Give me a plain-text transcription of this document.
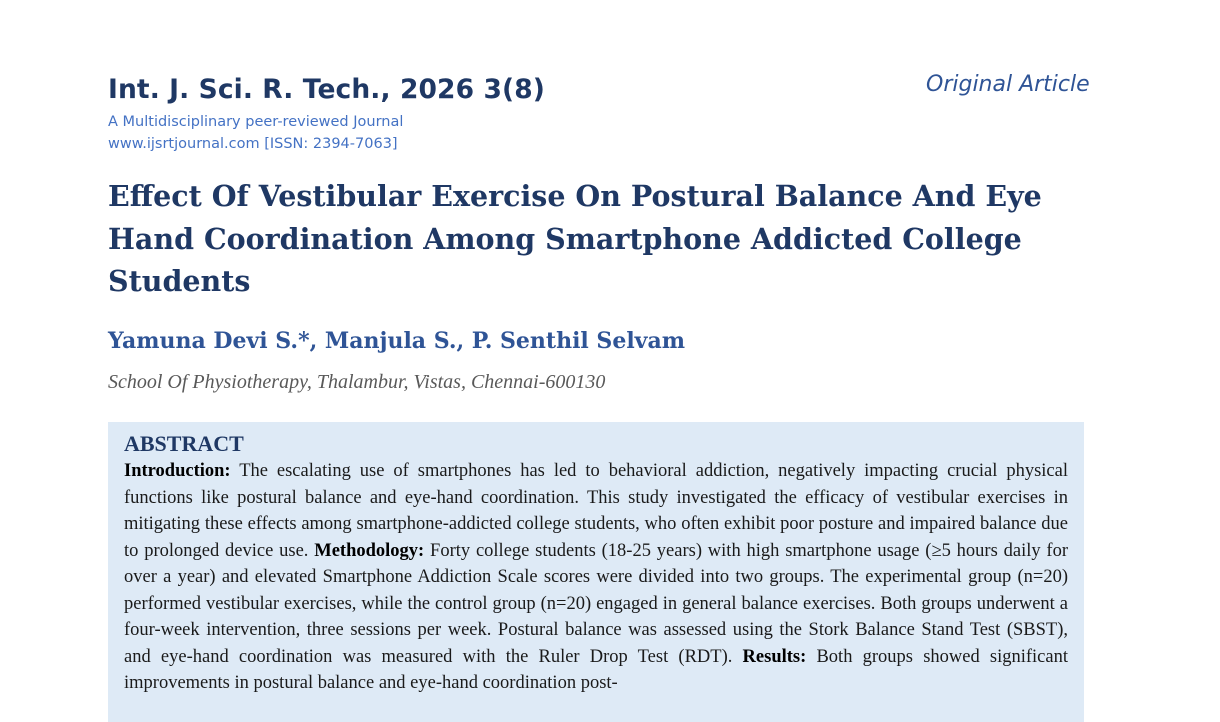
Int. J. Sci. R. Tech., 2026 3(8)	Original Article
A Multidisciplinary peer-reviewed Journal
www.ijsrtjournal.com [ISSN: 2394-7063]
Effect Of Vestibular Exercise On Postural Balance And Eye Hand Coordination Among Smartphone Addicted College Students
Yamuna Devi S.*, Manjula S., P. Senthil Selvam
School Of Physiotherapy, Thalambur, Vistas, Chennai-600130
ABSTRACT

Introduction: The escalating use of smartphones has led to behavioral addiction, negatively impacting crucial physical functions like postural balance and eye-hand coordination. This study investigated the efficacy of vestibular exercises in mitigating these effects among smartphone-addicted college students, who often exhibit poor posture and impaired balance due to prolonged device use. Methodology: Forty college students (18-25 years) with high smartphone usage (≥5 hours daily for over a year) and elevated Smartphone Addiction Scale scores were divided into two groups. The experimental group (n=20) performed vestibular exercises, while the control group (n=20) engaged in general balance exercises. Both groups underwent a four-week intervention, three sessions per week. Postural balance was assessed using the Stork Balance Stand Test (SBST), and eye-hand coordination was measured with the Ruler Drop Test (RDT). Results: Both groups showed significant improvements in postural balance and eye-hand coordination post-
